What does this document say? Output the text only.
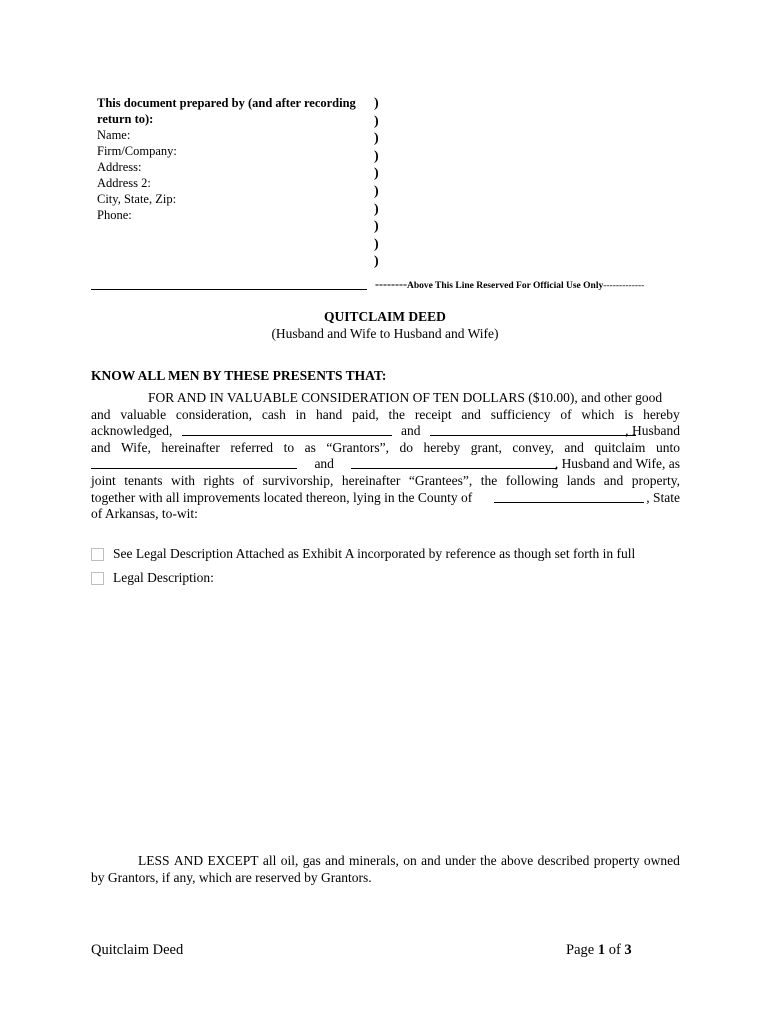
This document prepared by (and after recording
return to):
Name:
Firm/Company:
Address:
Address 2:
City, State, Zip:
Phone:
)
)
)
)
)
)
)
)
)
)
--------Above This Line Reserved For Official Use Only-------------
QUITCLAIM DEED
(Husband and Wife to Husband and Wife)
KNOW ALL MEN BY THESE PRESENTS THAT:
FOR AND IN VALUABLE CONSIDERATION OF TEN DOLLARS ($10.00), and other good
and valuable consideration, cash in hand paid, the receipt and sufficiency of which is hereby
acknowledged,	and	, Husband
and Wife, hereinafter referred to as “Grantors”, do hereby grant, convey, and quitclaim unto
and	, Husband and Wife, as
joint tenants with rights of survivorship, hereinafter “Grantees”, the following lands and property,
together with all improvements located thereon, lying in the County of	, State
of Arkansas, to-wit:
See Legal Description Attached as Exhibit A incorporated by reference as though set forth in full
Legal Description:
LESS AND EXCEPT all oil, gas and minerals, on and under the above described property owned
by Grantors, if any, which are reserved by Grantors.
Quitclaim Deed	Page 1 of 3
